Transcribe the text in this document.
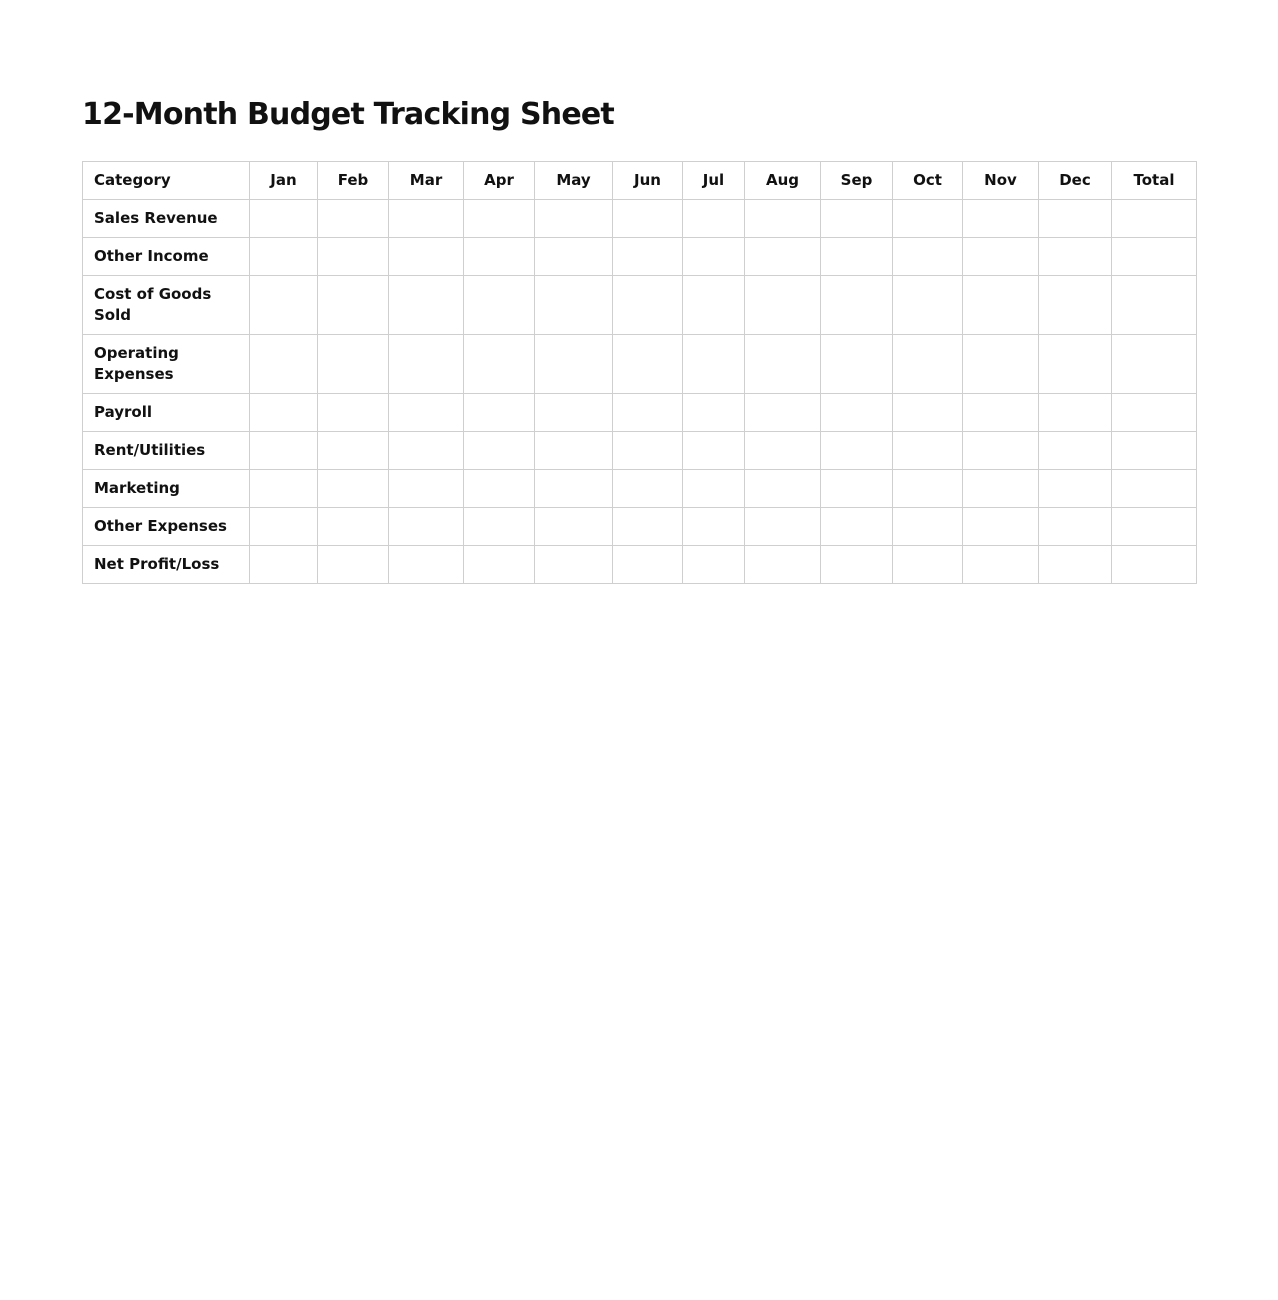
12-Month Budget Tracking Sheet
Category	Jan	Feb	Mar	Apr	May	Jun	Jul	Aug	Sep	Oct	Nov	Dec	Total
Sales Revenue													
Other Income													
Cost of Goods Sold													
Operating Expenses													
Payroll													
Rent/Utilities													
Marketing													
Other Expenses													
Net Profit/Loss													
